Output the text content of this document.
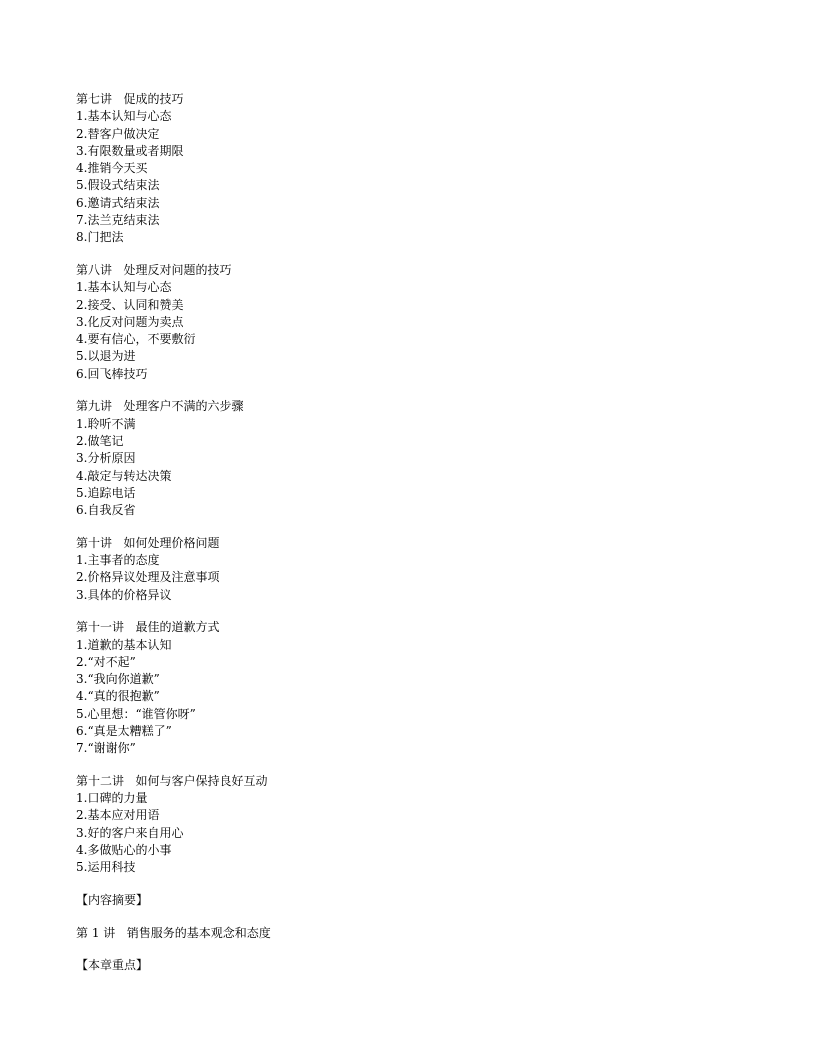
第七讲   促成的技巧
1.基本认知与心态
2.替客户做决定
3.有限数量或者期限
4.推销今天买
5.假设式结束法
6.邀请式结束法
7.法兰克结束法
8.门把法
第八讲   处理反对问题的技巧
1.基本认知与心态
2.接受、认同和赞美
3.化反对问题为卖点
4.要有信心，不要敷衍
5.以退为进
6.回飞棒技巧
第九讲   处理客户不满的六步骤
1.聆听不满
2.做笔记
3.分析原因
4.敲定与转达决策
5.追踪电话
6.自我反省
第十讲   如何处理价格问题
1.主事者的态度
2.价格异议处理及注意事项
3.具体的价格异议
第十一讲   最佳的道歉方式
1.道歉的基本认知
2.“对不起”
3.“我向你道歉”
4.“真的很抱歉”
5.心里想：“谁管你呀”
6.“真是太糟糕了”
7.“谢谢你”
第十二讲   如何与客户保持良好互动
1.口碑的力量
2.基本应对用语
3.好的客户来自用心
4.多做贴心的小事
5.运用科技
【内容摘要】
第 1 讲   销售服务的基本观念和态度
【本章重点】
